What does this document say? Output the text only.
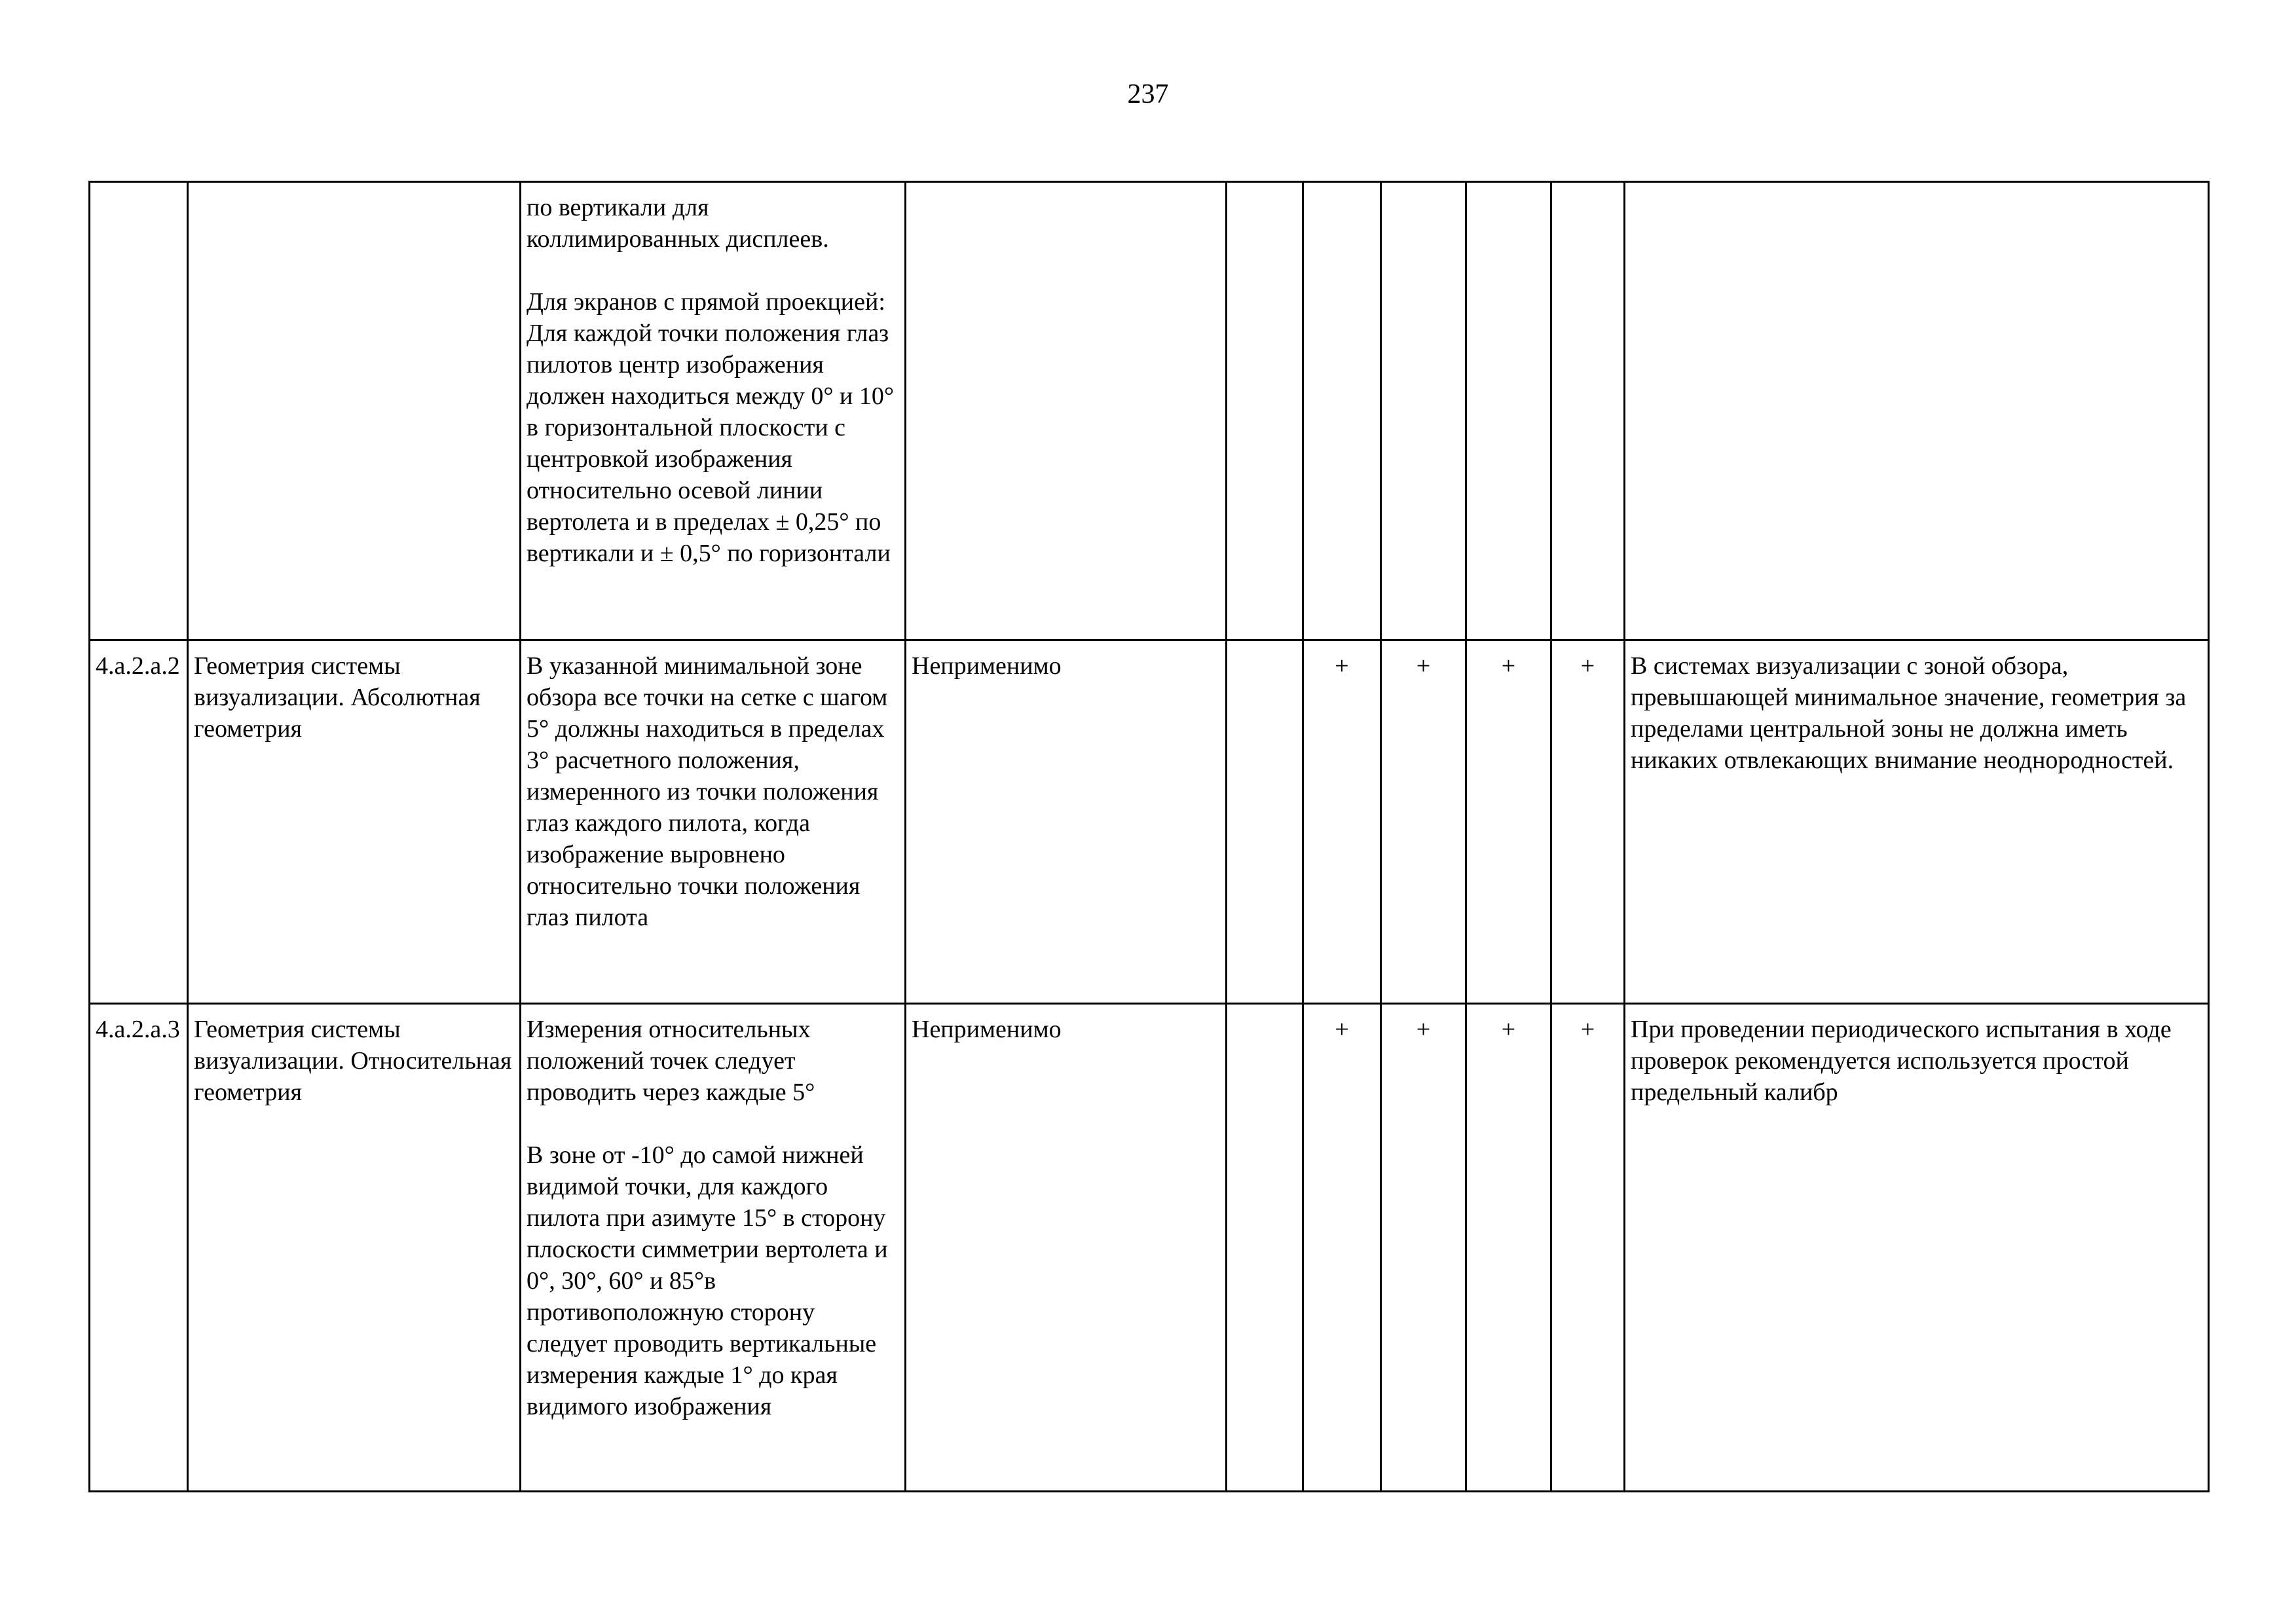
237
		по вертикали для
коллимированных дисплеев.

Для экранов с прямой проекцией: Для каждой точки положения глаз пилотов центр изображения должен находиться между 0° и 10° в горизонтальной плоскости с центровкой изображения относительно осевой линии вертолета и в пределах ± 0,25° по вертикали и ± 0,5° по горизонтали							
4.a.2.a.2	Геометрия системы визуализации. Абсолютная геометрия	В указанной минимальной зоне обзора все точки на сетке с шагом 5° должны находиться в пределах 3° расчетного положения, измеренного из точки положения глаз каждого пилота, когда изображение выровнено относительно точки положения глаз пилота	Неприменимо		+	+	+	+	В системах визуализации с зоной обзора, превышающей минимальное значение, геометрия за пределами центральной зоны не должна иметь никаких отвлекающих внимание неоднородностей.
4.a.2.a.3	Геометрия системы визуализации. Относительная геометрия	Измерения относительных положений точек следует проводить через каждые 5°

В зоне от -10° до самой нижней видимой точки, для каждого пилота при азимуте 15° в сторону плоскости симметрии вертолета и 0°, 30°, 60° и 85°в противоположную сторону следует проводить вертикальные измерения каждые 1° до края видимого изображения	Неприменимо		+	+	+	+	При проведении периодического испытания в ходе проверок рекомендуется используется простой предельный калибр
